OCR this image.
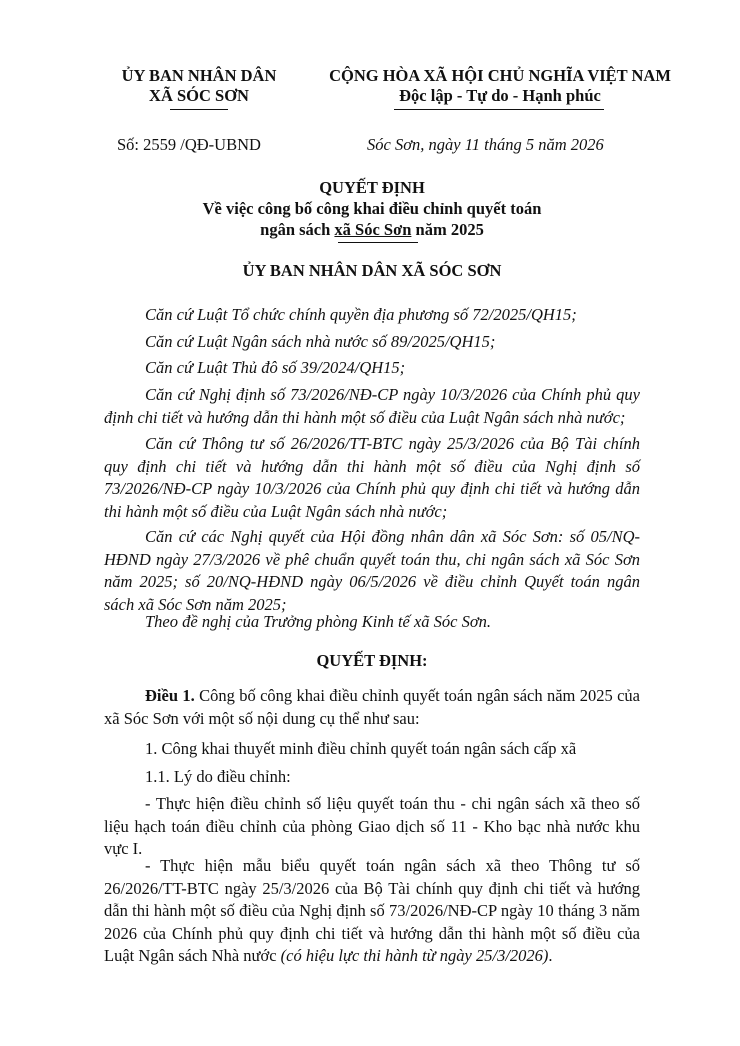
ỦY BAN NHÂN DÂN
XÃ SÓC SƠN
CỘNG HÒA XÃ HỘI CHỦ NGHĨA VIỆT NAM
Độc lập - Tự do - Hạnh phúc
Số: 2559 /QĐ-UBND	Sóc Sơn, ngày 11 tháng 5 năm 2026
QUYẾT ĐỊNH
Về việc công bố công khai điều chỉnh quyết toán
ngân sách xã Sóc Sơn năm 2025
ỦY BAN NHÂN DÂN XÃ SÓC SƠN
Căn cứ Luật Tổ chức chính quyền địa phương số 72/2025/QH15;
Căn cứ Luật Ngân sách nhà nước số 89/2025/QH15;
Căn cứ Luật Thủ đô số 39/2024/QH15;
Căn cứ Nghị định số 73/2026/NĐ-CP ngày 10/3/2026 của Chính phủ quy định chi tiết và hướng dẫn thi hành một số điều của Luật Ngân sách nhà nước;
Căn cứ Thông tư số 26/2026/TT-BTC ngày 25/3/2026 của Bộ Tài chính quy định chi tiết và hướng dẫn thi hành một số điều của Nghị định số 73/2026/NĐ-CP ngày 10/3/2026 của Chính phủ quy định chi tiết và hướng dẫn thi hành một số điều của Luật Ngân sách nhà nước;
Căn cứ các Nghị quyết của Hội đồng nhân dân xã Sóc Sơn: số 05/NQ-HĐND ngày 27/3/2026 về phê chuẩn quyết toán thu, chi ngân sách xã Sóc Sơn năm 2025; số 20/NQ-HĐND ngày 06/5/2026 về điều chỉnh Quyết toán ngân sách xã Sóc Sơn năm 2025;
Theo đề nghị của Trưởng phòng Kinh tế xã Sóc Sơn.
QUYẾT ĐỊNH:
Điều 1. Công bố công khai điều chỉnh quyết toán ngân sách năm 2025 của xã Sóc Sơn với một số nội dung cụ thể như sau:
1. Công khai thuyết minh điều chỉnh quyết toán ngân sách cấp xã
1.1. Lý do điều chỉnh:
- Thực hiện điều chỉnh số liệu quyết toán thu - chi ngân sách xã theo số liệu hạch toán điều chỉnh của phòng Giao dịch số 11 - Kho bạc nhà nước khu vực I.
- Thực hiện mẫu biểu quyết toán ngân sách xã theo Thông tư số 26/2026/TT-BTC ngày 25/3/2026 của Bộ Tài chính quy định chi tiết và hướng dẫn thi hành một số điều của Nghị định số 73/2026/NĐ-CP ngày 10 tháng 3 năm 2026 của Chính phủ quy định chi tiết và hướng dẫn thi hành một số điều của Luật Ngân sách Nhà nước (có hiệu lực thi hành từ ngày 25/3/2026).
